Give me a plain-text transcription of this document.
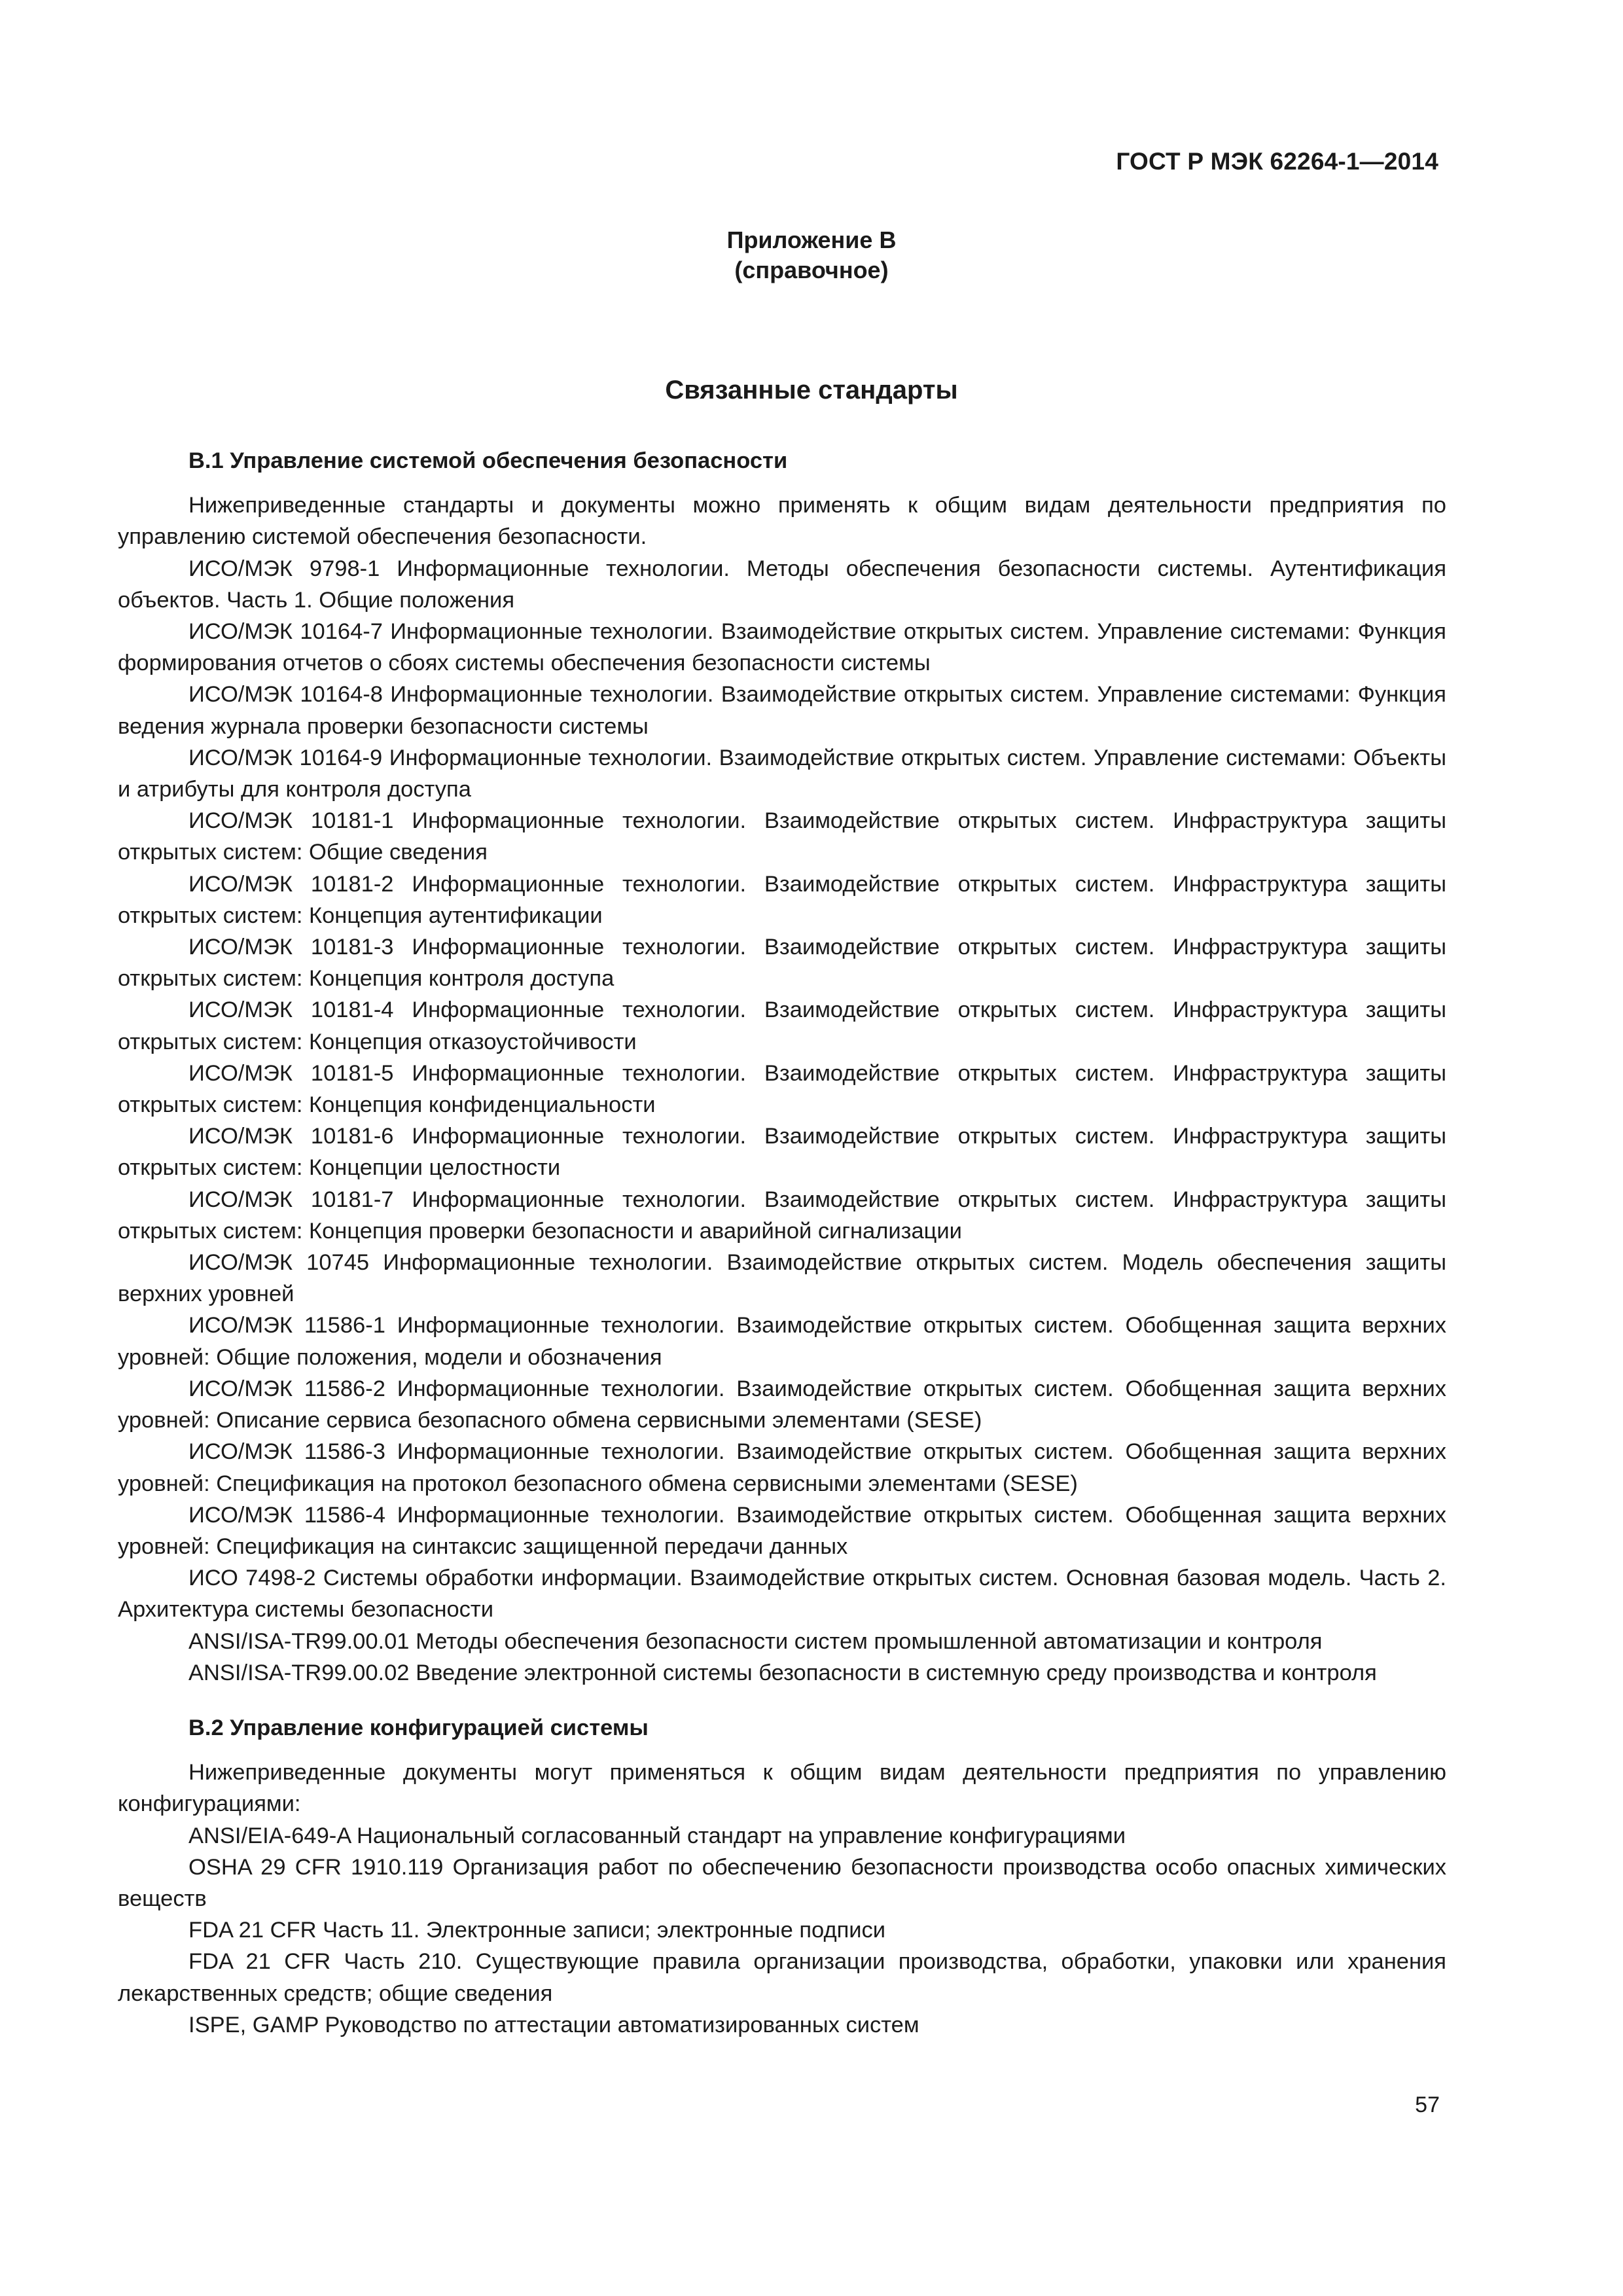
ГОСТ Р МЭК 62264-1—2014
Приложение В
(справочное)
Связанные стандарты
В.1 Управление системой обеспечения безопасности

Нижеприведенные стандарты и документы можно применять к общим видам деятельности предприятия по управлению системой обеспечения безопасности.

ИСО/МЭК 9798-1 Информационные технологии. Методы обеспечения безопасности системы. Аутентификация объектов. Часть 1. Общие положения

ИСО/МЭК 10164-7 Информационные технологии. Взаимодействие открытых систем. Управление системами: Функция формирования отчетов о сбоях системы обеспечения безопасности системы

ИСО/МЭК 10164-8 Информационные технологии. Взаимодействие открытых систем. Управление системами: Функция ведения журнала проверки безопасности системы

ИСО/МЭК 10164-9 Информационные технологии. Взаимодействие открытых систем. Управление системами: Объекты и атрибуты для контроля доступа

ИСО/МЭК 10181-1 Информационные технологии. Взаимодействие открытых систем. Инфраструктура защиты открытых систем: Общие сведения

ИСО/МЭК 10181-2 Информационные технологии. Взаимодействие открытых систем. Инфраструктура защиты открытых систем: Концепция аутентификации

ИСО/МЭК 10181-3 Информационные технологии. Взаимодействие открытых систем. Инфраструктура защиты открытых систем: Концепция контроля доступа

ИСО/МЭК 10181-4 Информационные технологии. Взаимодействие открытых систем. Инфраструктура защиты открытых систем: Концепция отказоустойчивости

ИСО/МЭК 10181-5 Информационные технологии. Взаимодействие открытых систем. Инфраструктура защиты открытых систем: Концепция конфиденциальности

ИСО/МЭК 10181-6 Информационные технологии. Взаимодействие открытых систем. Инфраструктура защиты открытых систем: Концепции целостности

ИСО/МЭК 10181-7 Информационные технологии. Взаимодействие открытых систем. Инфраструктура защиты открытых систем: Концепция проверки безопасности и аварийной сигнализации

ИСО/МЭК 10745 Информационные технологии. Взаимодействие открытых систем. Модель обеспечения защиты верхних уровней

ИСО/МЭК 11586-1 Информационные технологии. Взаимодействие открытых систем. Обобщенная защита верхних уровней: Общие положения, модели и обозначения

ИСО/МЭК 11586-2 Информационные технологии. Взаимодействие открытых систем. Обобщенная защита верхних уровней: Описание сервиса безопасного обмена сервисными элементами (SESE)

ИСО/МЭК 11586-3 Информационные технологии. Взаимодействие открытых систем. Обобщенная защита верхних уровней: Спецификация на протокол безопасного обмена сервисными элементами (SESE)

ИСО/МЭК 11586-4 Информационные технологии. Взаимодействие открытых систем. Обобщенная защита верхних уровней: Спецификация на синтаксис защищенной передачи данных

ИСО 7498-2 Системы обработки информации. Взаимодействие открытых систем. Основная базовая модель. Часть 2. Архитектура системы безопасности

ANSI/ISA-TR99.00.01 Методы обеспечения безопасности систем промышленной автоматизации и контроля

ANSI/ISA-TR99.00.02 Введение электронной системы безопасности в системную среду производства и контроля

В.2 Управление конфигурацией системы

Нижеприведенные документы могут применяться к общим видам деятельности предприятия по управлению конфигурациями:

ANSI/EIA-649-A Национальный согласованный стандарт на управление конфигурациями

OSHA 29 CFR 1910.119 Организация работ по обеспечению безопасности производства особо опасных химических веществ

FDA 21 CFR Часть 11. Электронные записи; электронные подписи

FDA 21 CFR Часть 210. Существующие правила организации производства, обработки, упаковки или хранения лекарственных средств; общие сведения

ISPE, GAMP Руководство по аттестации автоматизированных систем

57
